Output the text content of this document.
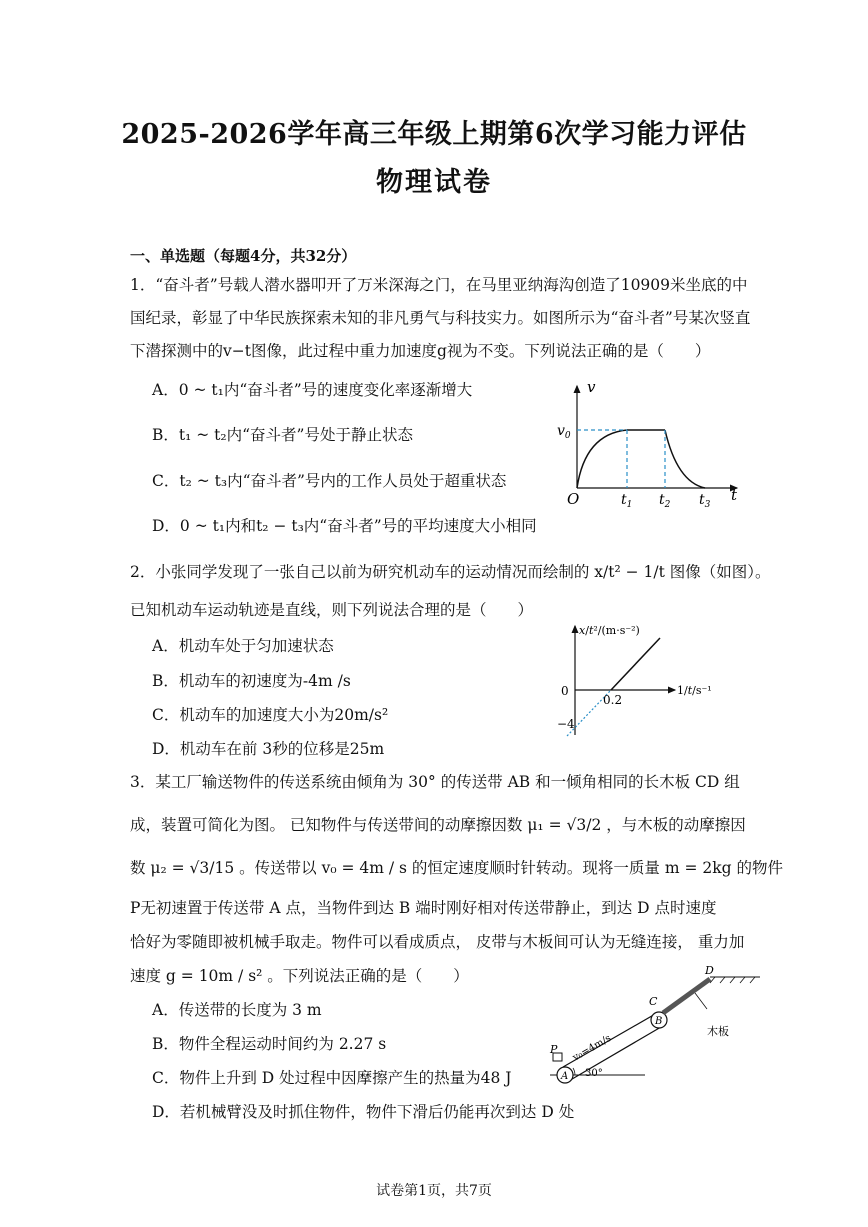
2025-2026学年高三年级上期第6次学习能力评估
物理试卷
一、单选题（每题4分，共32分）
1．“奋斗者”号载人潜水器叩开了万米深海之门，在马里亚纳海沟创造了10909米坐底的中
国纪录，彰显了中华民族探索未知的非凡勇气与科技实力。如图所示为“奋斗者”号某次竖直
下潜探测中的v−t图像，此过程中重力加速度g视为不变。下列说法正确的是（　　）
A．0 ~ t₁内“奋斗者”号的速度变化率逐渐增大
B．t₁ ~ t₂内“奋斗者”号处于静止状态
C．t₂ ~ t₃内“奋斗者”号内的工作人员处于超重状态
D．0 ~ t₁内和t₂ − t₃内“奋斗者”号的平均速度大小相同
v
$v_0$
O	$t_1$ $t_2$ $t_3$
t
2．小张同学发现了一张自己以前为研究机动车的运动情况而绘制的 x/t² − 1/t 图像（如图）。
已知机动车运动轨迹是直线，则下列说法合理的是（　　）
A．机动车处于匀加速状态
B．机动车的初速度为-4m /s
C．机动车的加速度大小为20m/s²
D．机动车在前 3秒的位移是25m
x/t²/(m·s⁻²)
0
0.2
−4
1/t/s⁻¹
3．某工厂输送物件的传送系统由倾角为 30° 的传送带 AB 和一倾角相同的长木板 CD 组
成，装置可简化为图。 已知物件与传送带间的动摩擦因数 μ₁ = √3/2 ，与木板的动摩擦因
数 μ₂ = √3/15 。传送带以 v₀ = 4m / s 的恒定速度顺时针转动。现将一质量 m = 2kg 的物件
P无初速置于传送带 A 点，当物件到达 B 端时刚好相对传送带静止，到达 D 点时速度
恰好为零随即被机械手取走。物件可以看成质点， 皮带与木板间可认为无缝连接， 重力加
速度 g = 10m / s² 。下列说法正确的是（　　）
A．传送带的长度为 3 m
B．物件全程运动时间约为 2.27 s
C．物件上升到 D 处过程中因摩擦产生的热量为48 J
D．若机械臂没及时抓住物件，物件下滑后仍能再次到达 D 处
P
A
B
C
D
30°
v₀=4m/s
木板
试卷第1页，共7页
